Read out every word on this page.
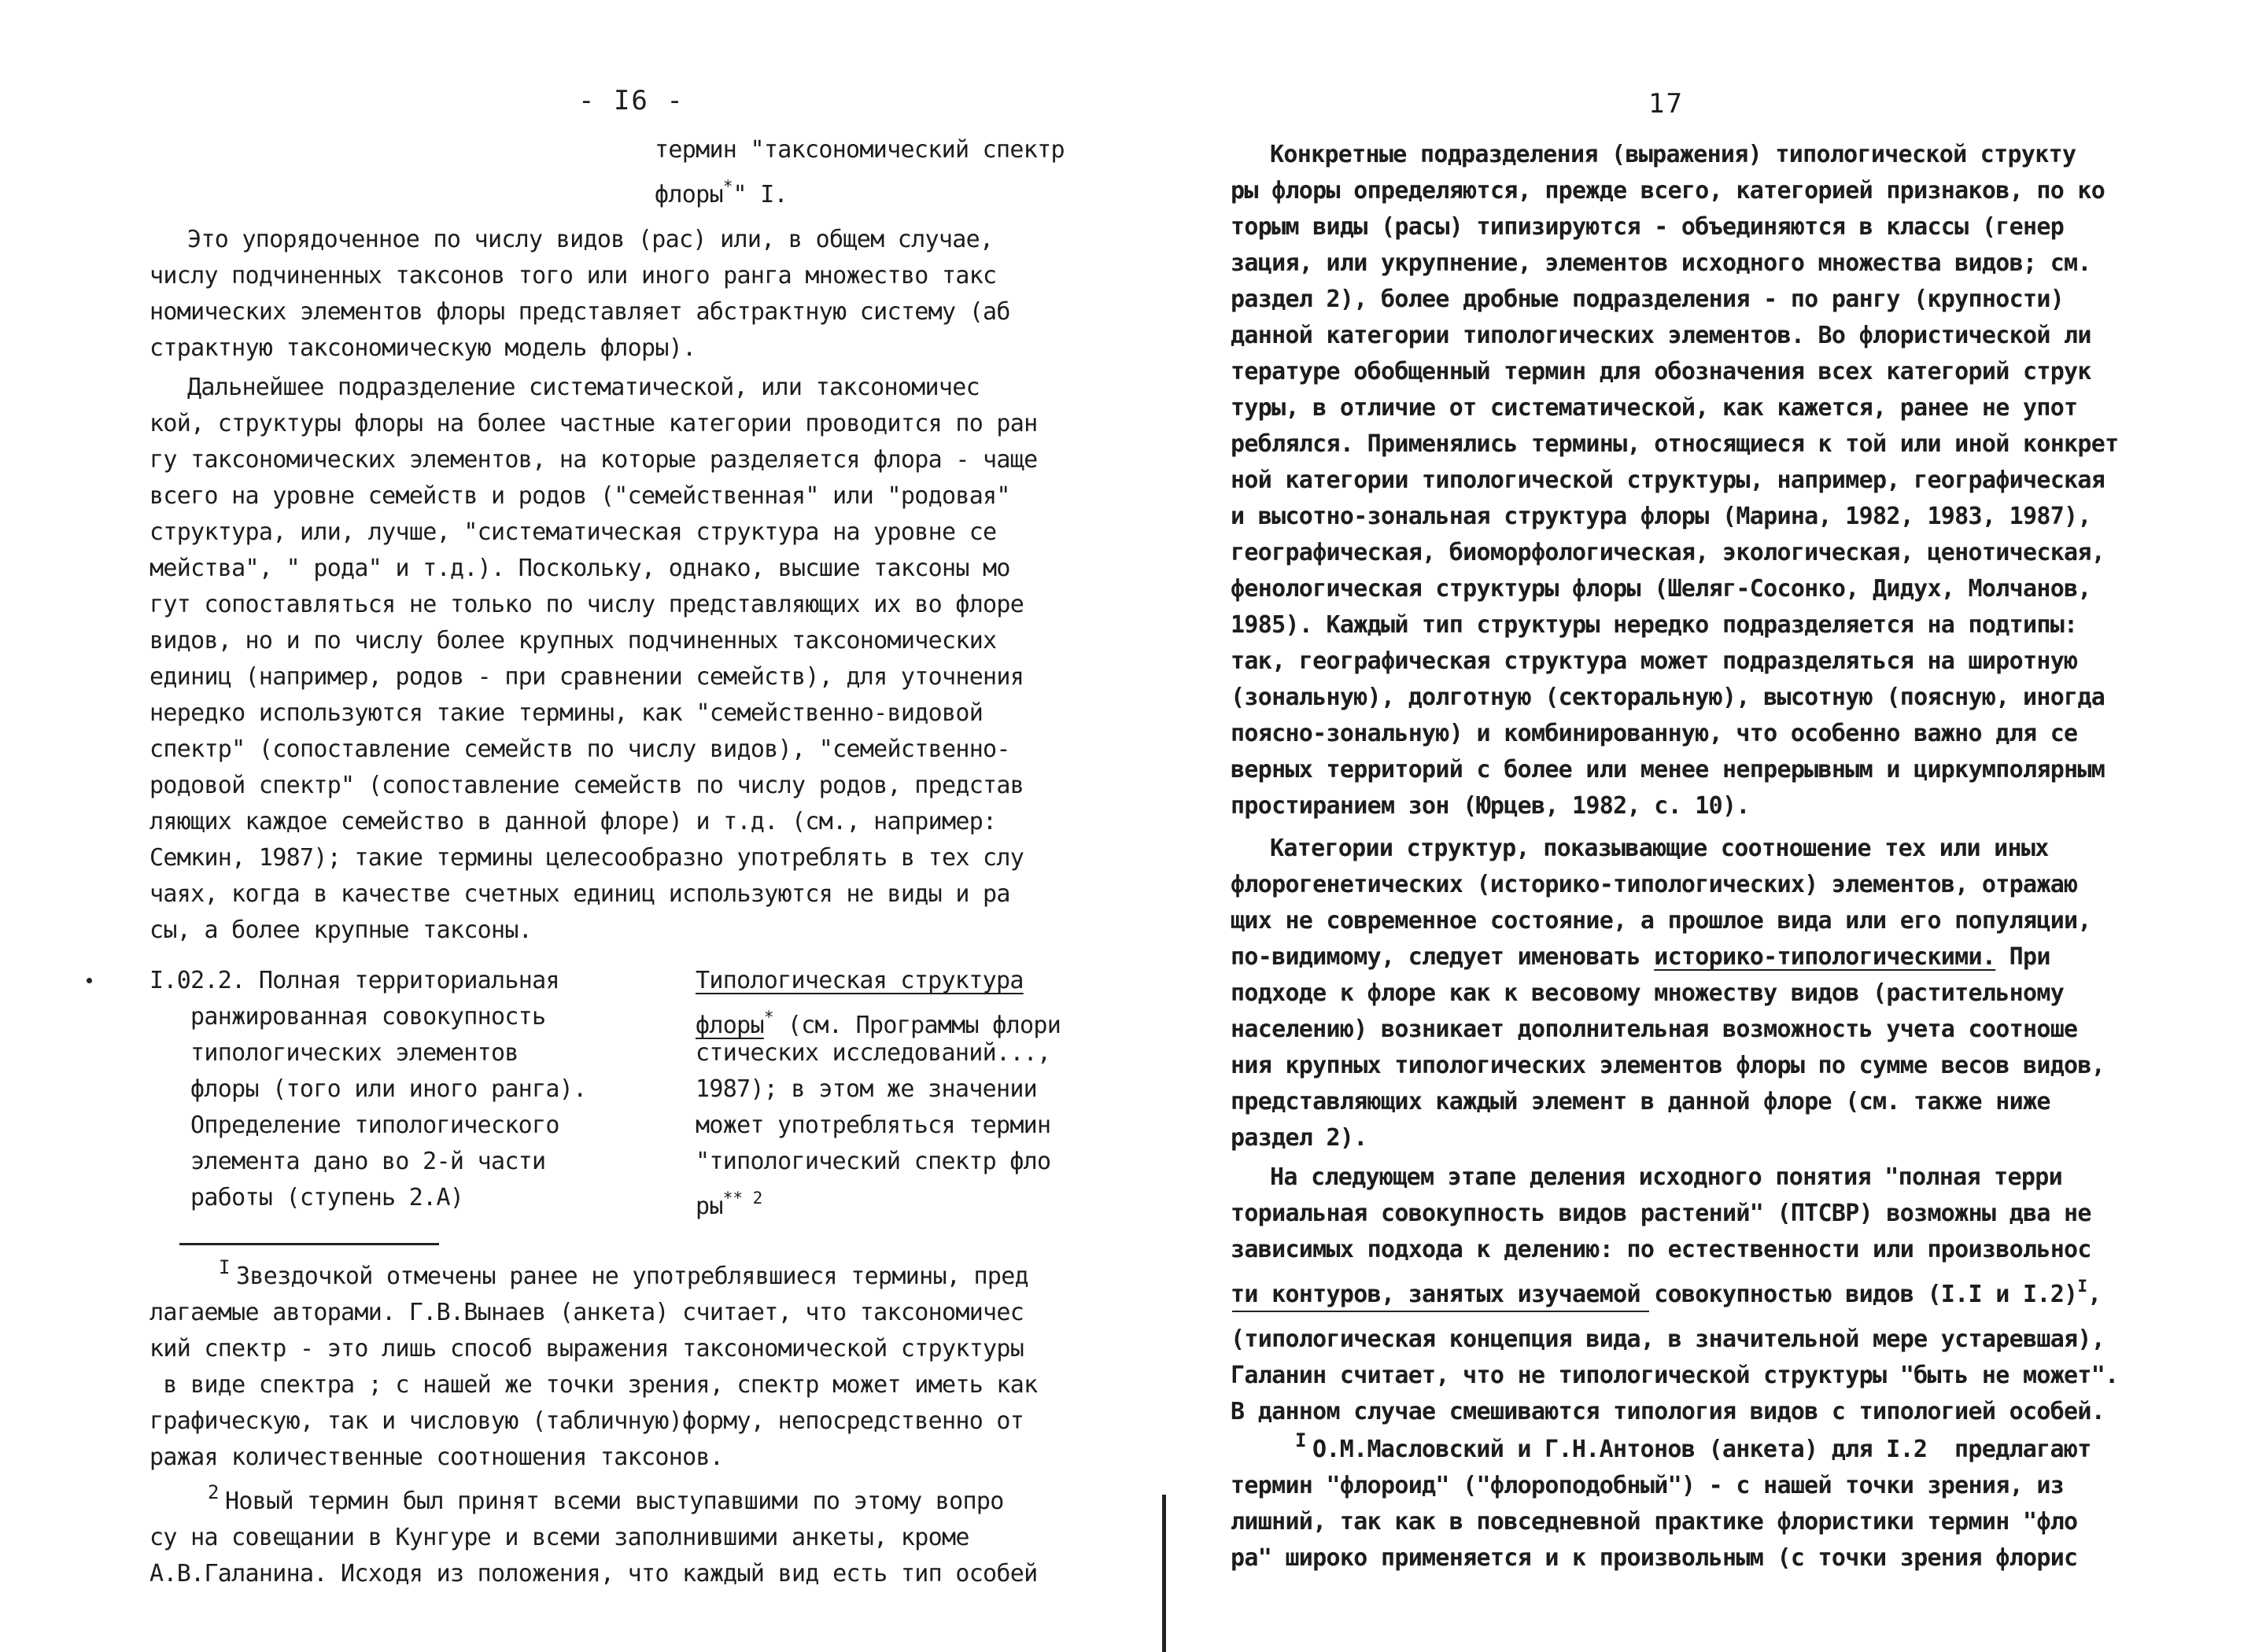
- I6 -
термин "таксономический спектр
флоры*" I.
Это упорядоченное по числу видов (рас) или, в общем случае,
числу подчиненных таксонов того или иного ранга множество такс
номических элементов флоры представляет абстрактную систему (аб
страктную таксономическую модель флоры).
Дальнейшее подразделение систематической, или таксономичес
кой, структуры флоры на более частные категории проводится по ран
гу таксономических элементов, на которые разделяется флора - чаще
всего на уровне семейств и родов ("семейственная" или "родовая"
структура, или, лучше, "систематическая структура на уровне се
мейства", " рода" и т.д.). Поскольку, однако, высшие таксоны мо
гут сопоставляться не только по числу представляющих их во флоре
видов, но и по числу более крупных подчиненных таксономических
единиц (например, родов - при сравнении семейств), для уточнения
нередко используются такие термины, как "семейственно-видовой
спектр" (сопоставление семейств по числу видов), "семейственно-
родовой спектр" (сопоставление семейств по числу родов, представ
ляющих каждое семейство в данной флоре) и т.д. (см., например:
Семкин, 1987); такие термины целесообразно употреблять в тех слу
чаях, когда в качестве счетных единиц используются не виды и ра
сы, а более крупные таксоны.
I.02.2. Полная территориальная
ранжированная совокупность
типологических элементов
флоры (того или иного ранга).
Определение типологического
элемента дано во 2-й части
работы (ступень 2.А)
Типологическая структура
флоры* (см. Программы флори
стических исследований...,
1987); в этом же значении
может употребляться термин
"типологический спектр фло
$ры^{** 2}$
I Звездочкой отмечены ранее не употреблявшиеся термины, пред
лагаемые авторами. Г.В.Вынаев (анкета) считает, что таксономичес
кий спектр - это лишь способ выражения таксономической структуры
в виде спектра ; с нашей же точки зрения, спектр может иметь как
графическую, так и числовую (табличную)форму, непосредственно от
ражая количественные соотношения таксонов.
2 Новый термин был принят всеми выступавшими по этому вопро
су на совещании в Кунгуре и всеми заполнившими анкеты, кроме
А.В.Галанина. Исходя из положения, что каждый вид есть тип особей
17
Конкретные подразделения (выражения) типологической структу
ры флоры определяются, прежде всего, категорией признаков, по ко
торым виды (расы) типизируются - объединяются в классы (генер
зация, или укрупнение, элементов исходного множества видов; см.
раздел 2), более дробные подразделения - по рангу (крупности)
данной категории типологических элементов. Во флористической ли
тературе обобщенный термин для обозначения всех категорий струк
туры, в отличие от систематической, как кажется, ранее не упот
реблялся. Применялись термины, относящиеся к той или иной конкрет
ной категории типологической структуры, например, географическая
и высотно-зональная структура флоры (Марина, 1982, 1983, 1987),
географическая, биоморфологическая, экологическая, ценотическая,
фенологическая структуры флоры (Шеляг-Сосонко, Дидух, Молчанов,
1985). Каждый тип структуры нередко подразделяется на подтипы:
так, географическая структура может подразделяться на широтную
(зональную), долготную (секторальную), высотную (поясную, иногда
поясно-зональную) и комбинированную, что особенно важно для се
верных территорий с более или менее непрерывным и циркумполярным
простиранием зон (Юрцев, 1982, с. 10).
Категории структур, показывающие соотношение тех или иных
флорогенетических (историко-типологических) элементов, отражаю
щих не современное состояние, а прошлое вида или его популяции,
по-видимому, следует именовать историко-типологическими. При
подходе к флоре как к весовому множеству видов (растительному
населению) возникает дополнительная возможность учета соотноше
ния крупных типологических элементов флоры по сумме весов видов,
представляющих каждый элемент в данной флоре (см. также ниже
раздел 2).
На следующем этапе деления исходного понятия "полная терри
ториальная совокупность видов растений" (ПТСВР) возможны два не
зависимых подхода к делению: по естественности или произвольнос
ти контуров, занятых изучаемой совокупностью видов (I.I и I.2)$^I$,
(типологическая концепция вида, в значительной мере устаревшая),
Галанин считает, что не типологической структуры "быть не может".
В данном случае смешиваются типология видов с типологией особей.
I О.М.Масловский и Г.Н.Антонов (анкета) для I.2  предлагают
термин "флороид" ("флороподобный") - с нашей точки зрения, из
лишний, так как в повседневной практике флористики термин "фло
ра" широко применяется и к произвольным (с точки зрения флорис
